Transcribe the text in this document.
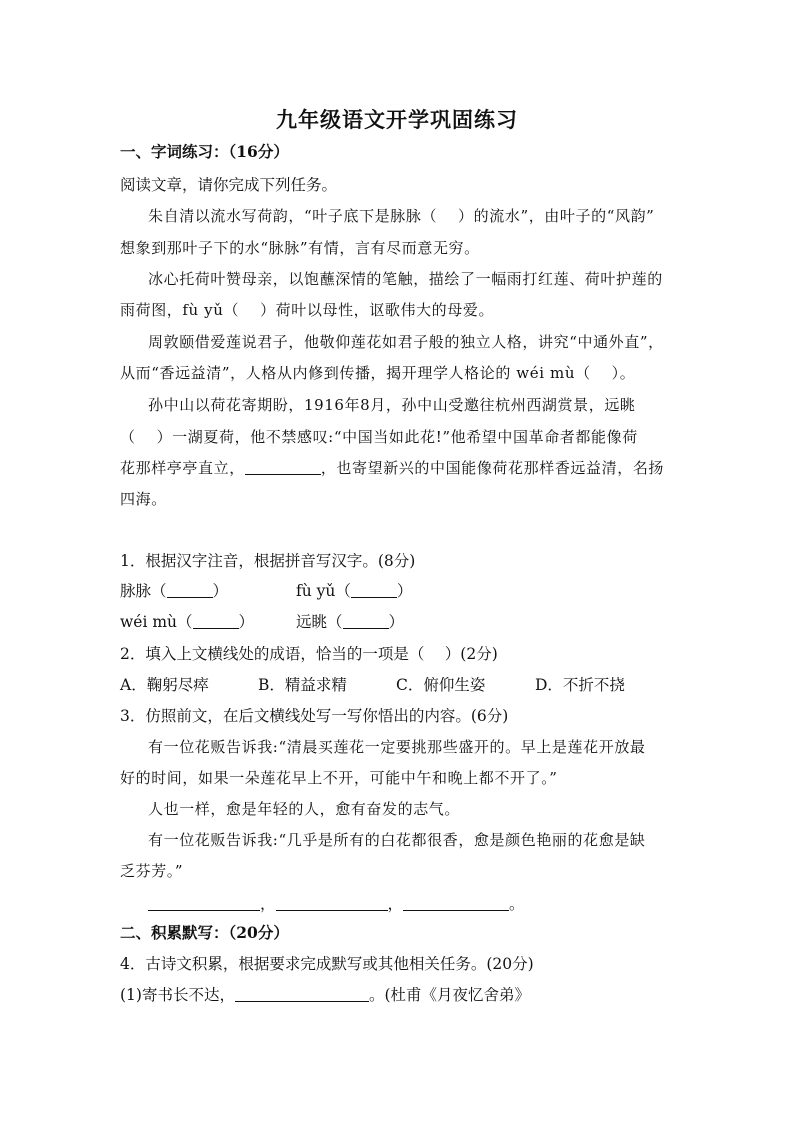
九年级语文开学巩固练习
一、字词练习：（16分）
阅读文章，请你完成下列任务。
朱自清以流水写荷韵，“叶子底下是脉脉（　 ）的流水”，由叶子的“风韵”
想象到那叶子下的水“脉脉”有情，言有尽而意无穷。
冰心托荷叶赞母亲，以饱蘸深情的笔触，描绘了一幅雨打红莲、荷叶护莲的
雨荷图，fù yǔ（　 ）荷叶以母性，讴歌伟大的母爱。
周敦颐借爱莲说君子，他敬仰莲花如君子般的独立人格，讲究“中通外直”，
从而“香远益清”，人格从内修到传播，揭开理学人格论的 wéi mù（　 ）。
孙中山以荷花寄期盼，1916年8月，孙中山受邀往杭州西湖赏景，远眺
（　 ）一湖夏荷，他不禁感叹:“中国当如此花!”他希望中国革命者都能像荷
花那样亭亭直立，	，也寄望新兴的中国能像荷花那样香远益清，名扬
四海。
1．根据汉字注音，根据拼音写汉字。(8分)
脉脉（	）	fù yǔ（	）
wéi mù（	）	远眺（	）
2．填入上文横线处的成语，恰当的一项是（　 ）(2分)
A．鞠躬尽瘁	B．精益求精	C．俯仰生姿	D．不折不挠
3．仿照前文，在后文横线处写一写你悟出的内容。(6分)
有一位花贩告诉我:“清晨买莲花一定要挑那些盛开的。早上是莲花开放最
好的时间，如果一朵莲花早上不开，可能中午和晚上都不开了。”
人也一样，愈是年轻的人，愈有奋发的志气。
有一位花贩告诉我:“几乎是所有的白花都很香，愈是颜色艳丽的花愈是缺
乏芬芳。”
，	，	。
二、积累默写：（20分）
4．古诗文积累，根据要求完成默写或其他相关任务。(20分)
(1)寄书长不达，	。(杜甫《月夜忆舍弟》
